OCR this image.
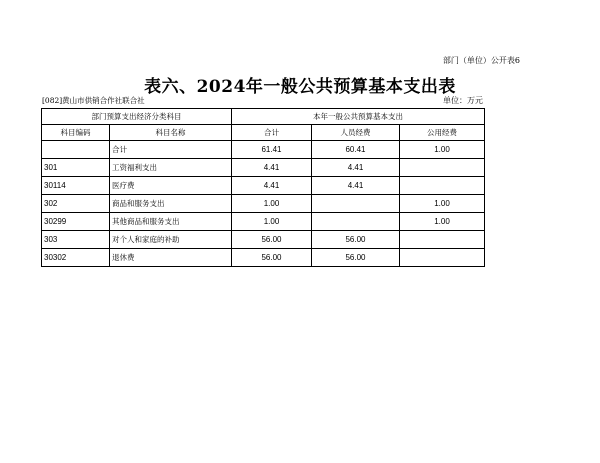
部门（单位）公开表6
表六、2024年一般公共预算基本支出表
[082]黄山市供销合作社联合社	单位：万元
部门预算支出经济分类科目		本年一般公共预算基本支出		
科目编码	科目名称	合计	人员经费	公用经费
	合计	61.41	60.41	1.00
301	工资福利支出	4.41	4.41	
30114	医疗费	4.41	4.41	
302	商品和服务支出	1.00		1.00
30299	其他商品和服务支出	1.00		1.00
303	对个人和家庭的补助	56.00	56.00	
30302	退休费	56.00	56.00	
